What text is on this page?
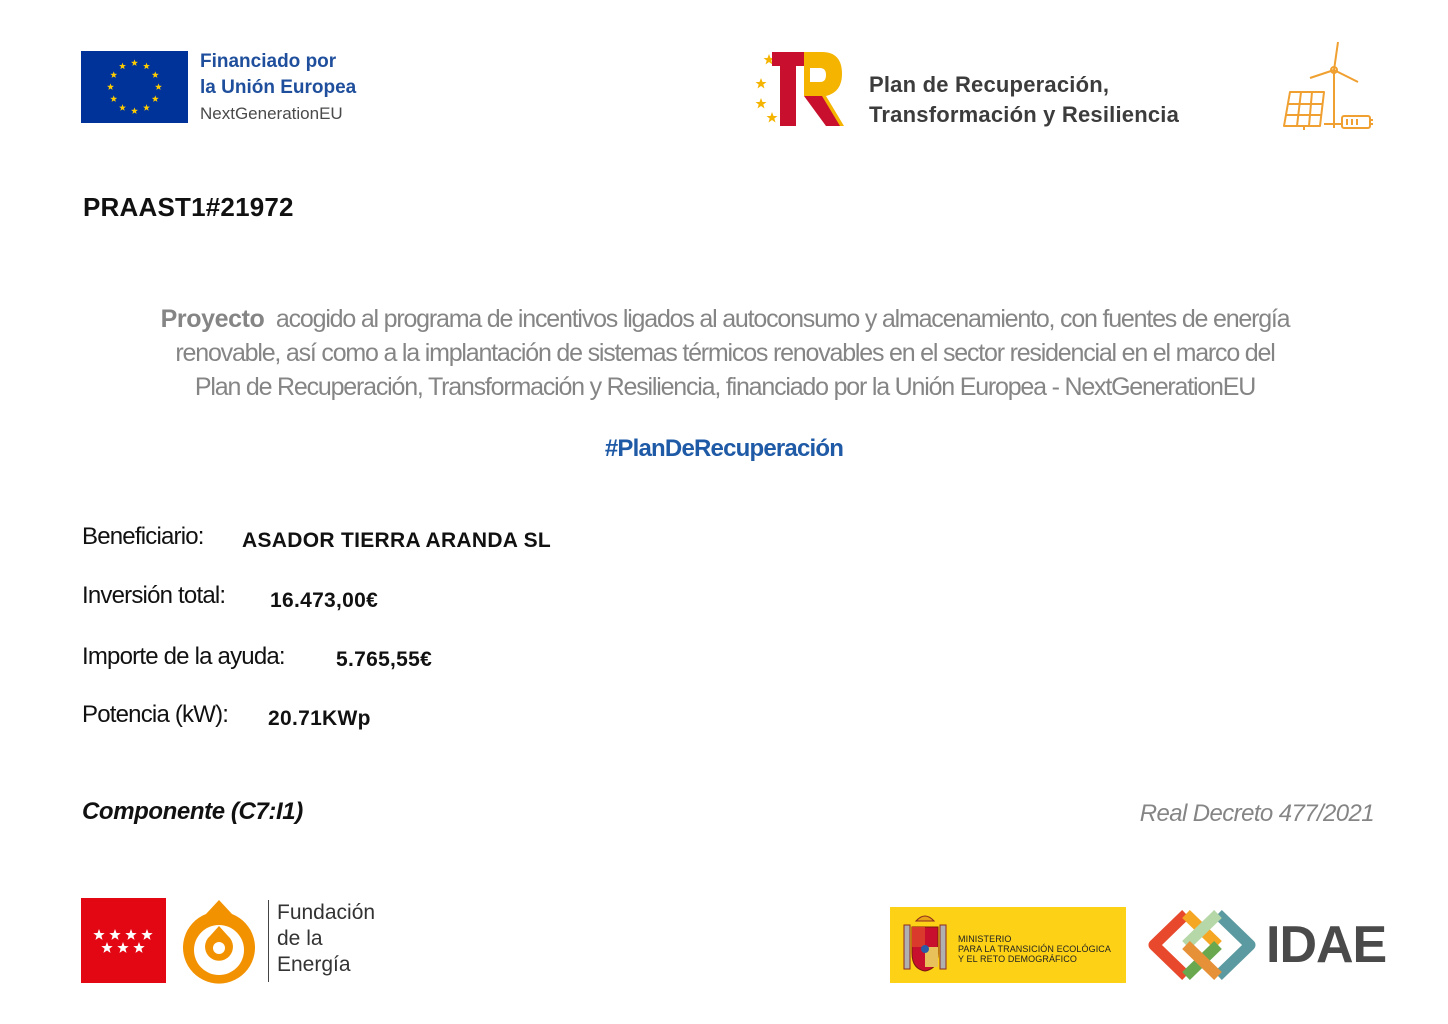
Financiado por
la Unión Europea
NextGenerationEU
Plan de Recuperación,
Transformación y Resiliencia
PRAAST1#21972
Proyecto acogido al programa de incentivos ligados al autoconsumo y almacenamiento, con fuentes de energía
renovable, así como a la implantación de sistemas térmicos renovables en el sector residencial en el marco del
Plan de Recuperación, Transformación y Resiliencia, financiado por la Unión Europea - NextGenerationEU
#PlanDeRecuperación
Beneficiario: ASADOR TIERRA ARANDA SL
Inversión total: 16.473,00€
Importe de la ayuda: 5.765,55€
Potencia (kW): 20.71KWp
Componente (C7:I1)	Real Decreto 477/2021
Fundación
de la
Energía
MINISTERIO
PARA LA TRANSICIÓN ECOLÓGICA
Y EL RETO DEMOGRÁFICO	IDAE
